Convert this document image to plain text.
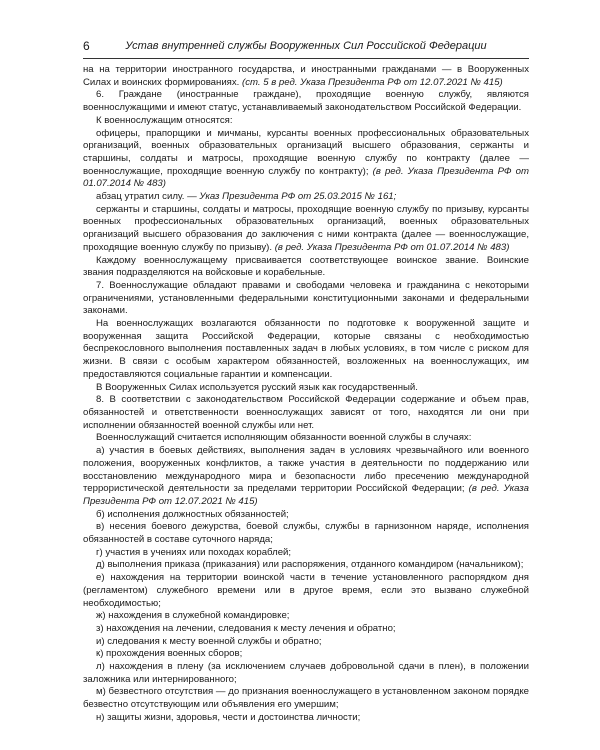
6	Устав внутренней службы Вооруженных Сил Российской Федерации

на на территории иностранного государства, и иностранными гражданами — в Вооруженных Силах и воинских формированиях. (ст. 5 в ред. Указа Президента РФ от 12.07.2021 № 415)

6. Граждане (иностранные граждане), проходящие военную службу, являются военнослужащими и имеют статус, устанавливаемый законодательством Российской Федерации.

К военнослужащим относятся:

офицеры, прапорщики и мичманы, курсанты военных профессиональных образовательных организаций, военных образовательных организаций высшего образования, сержанты и старшины, солдаты и матросы, проходящие военную службу по контракту (далее — военнослужащие, проходящие военную службу по контракту); (в ред. Указа Президента РФ от 01.07.2014 № 483)

абзац утратил силу. — Указ Президента РФ от 25.03.2015 № 161;

сержанты и старшины, солдаты и матросы, проходящие военную службу по призыву, курсанты военных профессиональных образовательных организаций, военных образовательных организаций высшего образования до заключения с ними контракта (далее — военнослужащие, проходящие военную службу по призыву). (в ред. Указа Президента РФ от 01.07.2014 № 483)

Каждому военнослужащему присваивается соответствующее воинское звание. Воинские звания подразделяются на войсковые и корабельные.

7. Военнослужащие обладают правами и свободами человека и гражданина с некоторыми ограничениями, установленными федеральными конституционными законами и федеральными законами.

На военнослужащих возлагаются обязанности по подготовке к вооруженной защите и вооруженная защита Российской Федерации, которые связаны с необходимостью беспрекословного выполнения поставленных задач в любых условиях, в том числе с риском для жизни. В связи с особым характером обязанностей, возложенных на военнослужащих, им предоставляются социальные гарантии и компенсации.

В Вооруженных Силах используется русский язык как государственный.

8. В соответствии с законодательством Российской Федерации содержание и объем прав, обязанностей и ответственности военнослужащих зависят от того, находятся ли они при исполнении обязанностей военной службы или нет.

Военнослужащий считается исполняющим обязанности военной службы в случаях:

а) участия в боевых действиях, выполнения задач в условиях чрезвычайного или военного положения, вооруженных конфликтов, а также участия в деятельности по поддержанию или восстановлению международного мира и безопасности либо пресечению международной террористической деятельности за пределами территории Российской Федерации; (в ред. Указа Президента РФ от 12.07.2021 № 415)

б) исполнения должностных обязанностей;

в) несения боевого дежурства, боевой службы, службы в гарнизонном наряде, исполнения обязанностей в составе суточного наряда;

г) участия в учениях или походах кораблей;

д) выполнения приказа (приказания) или распоряжения, отданного командиром (начальником);

е) нахождения на территории воинской части в течение установленного распорядком дня (регламентом) служебного времени или в другое время, если это вызвано служебной необходимостью;

ж) нахождения в служебной командировке;

з) нахождения на лечении, следования к месту лечения и обратно;

и) следования к месту военной службы и обратно;

к) прохождения военных сборов;

л) нахождения в плену (за исключением случаев добровольной сдачи в плен), в положении заложника или интернированного;

м) безвестного отсутствия — до признания военнослужащего в установленном законом порядке безвестно отсутствующим или объявления его умершим;

н) защиты жизни, здоровья, чести и достоинства личности;
